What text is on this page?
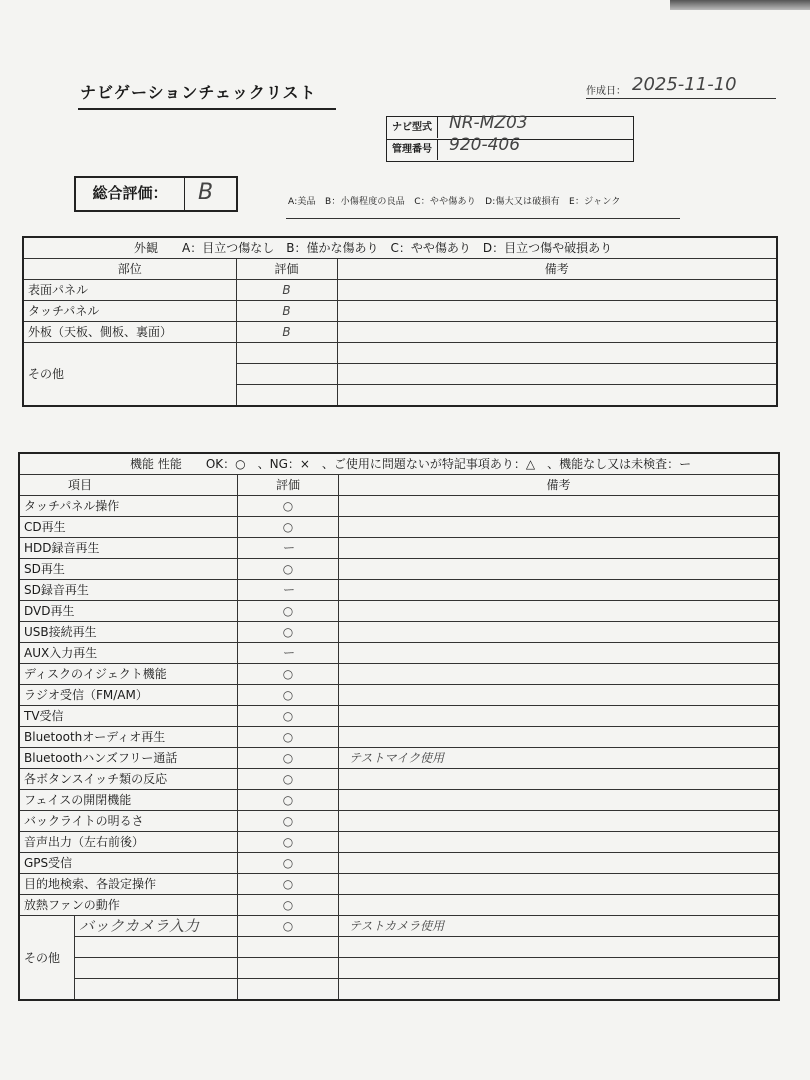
ナビゲーションチェックリスト	作成日： 2025-11-10
ナビ型式	NR-MZ03
管理番号	920-406
総合評価：	B	A:美品　B：小傷程度の良品　C：やや傷あり　D:傷大又は破損有　E：ジャンク
外観　　A：目立つ傷なし　B：僅かな傷あり　C：やや傷あり　D：目立つ傷や破損あり		
部位	評価	備考
表面パネル	B	
タッチパネル	B	
外板（天板、側板、裏面）	B	
その他		

機能 性能　　OK：○　、NG：×　、ご使用に問題ないが特記事項あり：△　、機能なし又は未検査：ー			
項目		評価	備考
タッチパネル操作		○	
CD再生		○	
HDD録音再生		ー	
SD再生		○	
SD録音再生		ー	
DVD再生		○	
USB接続再生		○	
AUX入力再生		ー	
ディスクのイジェクト機能		○	
ラジオ受信（FM/AM）		○	
TV受信		○	
Bluetoothオーディオ再生		○	
Bluetoothハンズフリー通話		○	テストマイク使用
各ボタンスイッチ類の反応		○	
フェイスの開閉機能		○	
バックライトの明るさ		○	
音声出力（左右前後）		○	
GPS受信		○	
目的地検索、各設定操作		○	
放熱ファンの動作		○	
その他	バックカメラ入力	○	テストカメラ使用
